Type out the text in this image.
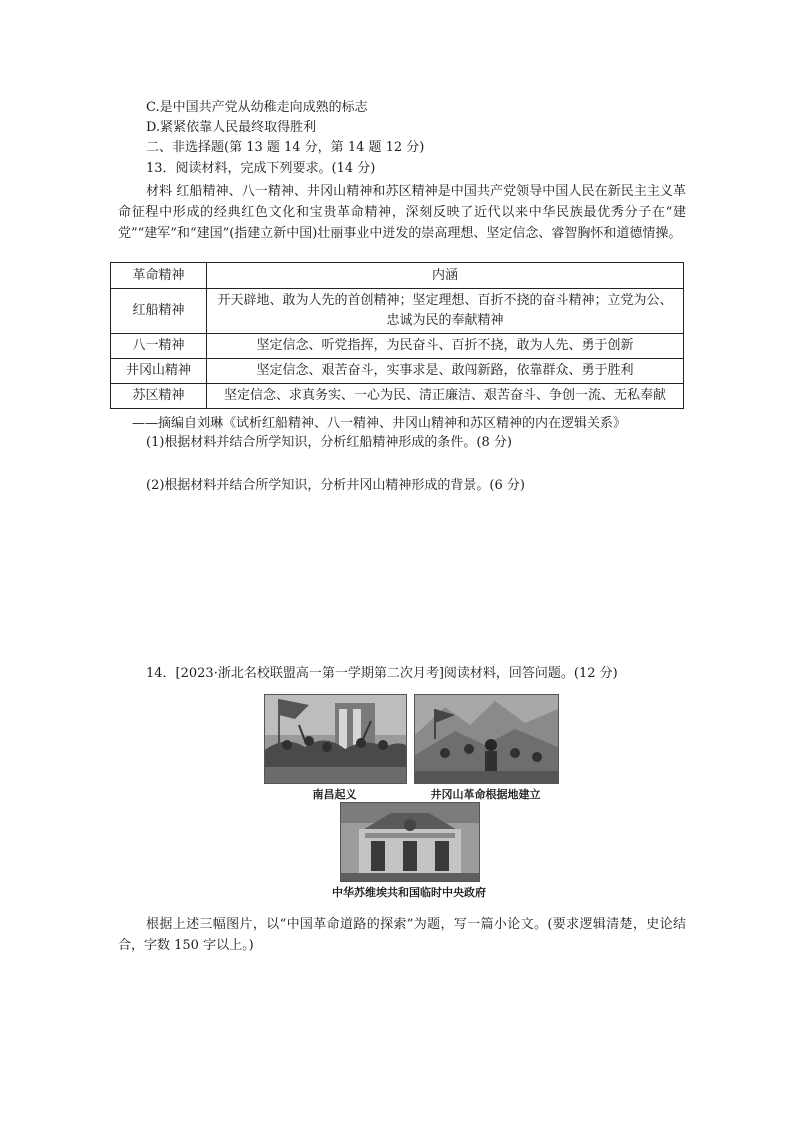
C.是中国共产党从幼稚走向成熟的标志
D.紧紧依靠人民最终取得胜利
二、非选择题(第 13 题 14 分，第 14 题 12 分)
13．阅读材料，完成下列要求。(14 分)
材料 红船精神、八一精神、井冈山精神和苏区精神是中国共产党领导中国人民在新民主主义革命征程中形成的经典红色文化和宝贵革命精神，深刻反映了近代以来中华民族最优秀分子在“建党”“建军”和“建国”(指建立新中国)壮丽事业中迸发的崇高理想、坚定信念、睿智胸怀和道德情操。
革命精神	内涵
红船精神	开天辟地、敢为人先的首创精神；坚定理想、百折不挠的奋斗精神；立党为公、忠诚为民的奉献精神
八一精神	坚定信念、听党指挥，为民奋斗、百折不挠，敢为人先、勇于创新
井冈山精神	坚定信念、艰苦奋斗，实事求是、敢闯新路，依靠群众、勇于胜利
苏区精神	坚定信念、求真务实、一心为民、清正廉洁、艰苦奋斗、争创一流、无私奉献
——摘编自刘琳《试析红船精神、八一精神、井冈山精神和苏区精神的内在逻辑关系》
(1)根据材料并结合所学知识，分析红船精神形成的条件。(8 分)
(2)根据材料并结合所学知识，分析井冈山精神形成的背景。(6 分)
14．[2023·浙北名校联盟高一第一学期第二次月考]阅读材料，回答问题。(12 分)
南昌起义	井冈山革命根据地建立
中华苏维埃共和国临时中央政府
根据上述三幅图片，以“中国革命道路的探索”为题，写一篇小论文。(要求逻辑清楚，史论结合，字数 150 字以上。)
